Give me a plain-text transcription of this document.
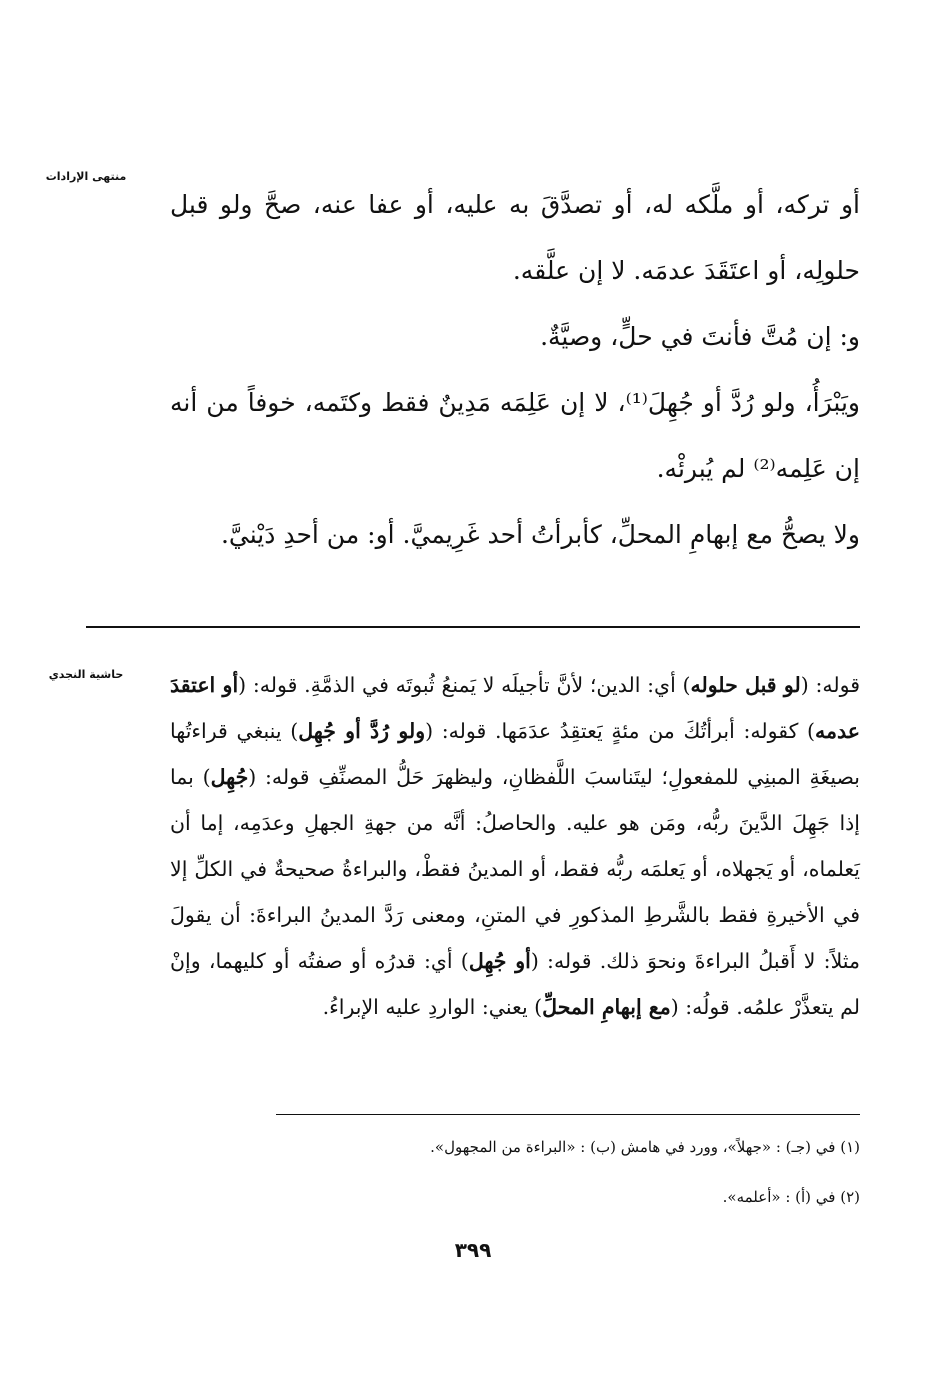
منتهى الإرادات
حاشية النجدي

أو تركه، أو ملَّكه له، أو تصدَّقَ به عليه، أو عفا عنه، صحَّ ولو قبل حلولِه، أو اعتَقَدَ عدمَه. لا إن علَّقه.

و: إن مُتَّ فأنتَ في حلٍّ، وصيَّةٌ.

ويَبْرَأُ، ولو رُدَّ أو جُهِلَ⁽¹⁾، لا إن عَلِمَه مَدِينٌ فقط وكتَمه، خوفاً من أنه إن عَلِمه⁽²⁾ لم يُبرئْه.

ولا يصحُّ مع إبهامِ المحلِّ، كأبرأتُ أحد غَرِيميَّ. أو: من أحدِ دَيْنيَّ.

قوله: (لو قبل حلوله) أي: الدين؛ لأنَّ تأجيلَه لا يَمنعُ ثُبوتَه في الذمَّةِ. قوله: (أو اعتقدَ عدمه) كقوله: أبرأتُكَ من مئةٍ يَعتقِدُ عدَمَها. قوله: (ولو رُدَّ أو جُهِل) ينبغي قراءتُها بصيغَةِ المبنِي للمفعولِ؛ ليتَناسبَ اللَّفظانِ، وليظهرَ حَلُّ المصنِّفِ قوله: (جُهِل) بما إذا جَهِلَ الدَّينَ ربُّه، ومَن هو عليه. والحاصلُ: أنَّه من جهةِ الجهلِ وعدَمِه، إما أن يَعلماه، أو يَجهلاه، أو يَعلمَه ربُّه فقط، أو المدينُ فقطْ، والبراءةُ صحيحةٌ في الكلِّ إلا في الأخيرةِ فقط بالشَّرطِ المذكورِ في المتنِ، ومعنى رَدَّ المدينُ البراءةَ: أن يقولَ مثلاً: لا أَقبلُ البراءةَ ونحوَ ذلك. قوله: (أو جُهِل) أي: قدرُه أو صفتُه أو كليهما، وإنْ لم يتعذَّرْ علمُه. قولُه: (مع إبهامِ المحلِّ) يعني: الواردِ عليه الإبراءُ.

(١) في (جـ) : «جهلاً»، وورد في هامش (ب) : «البراءة من المجهول».

(٢) في (أ) : «أعلمه».

٣٩٩
